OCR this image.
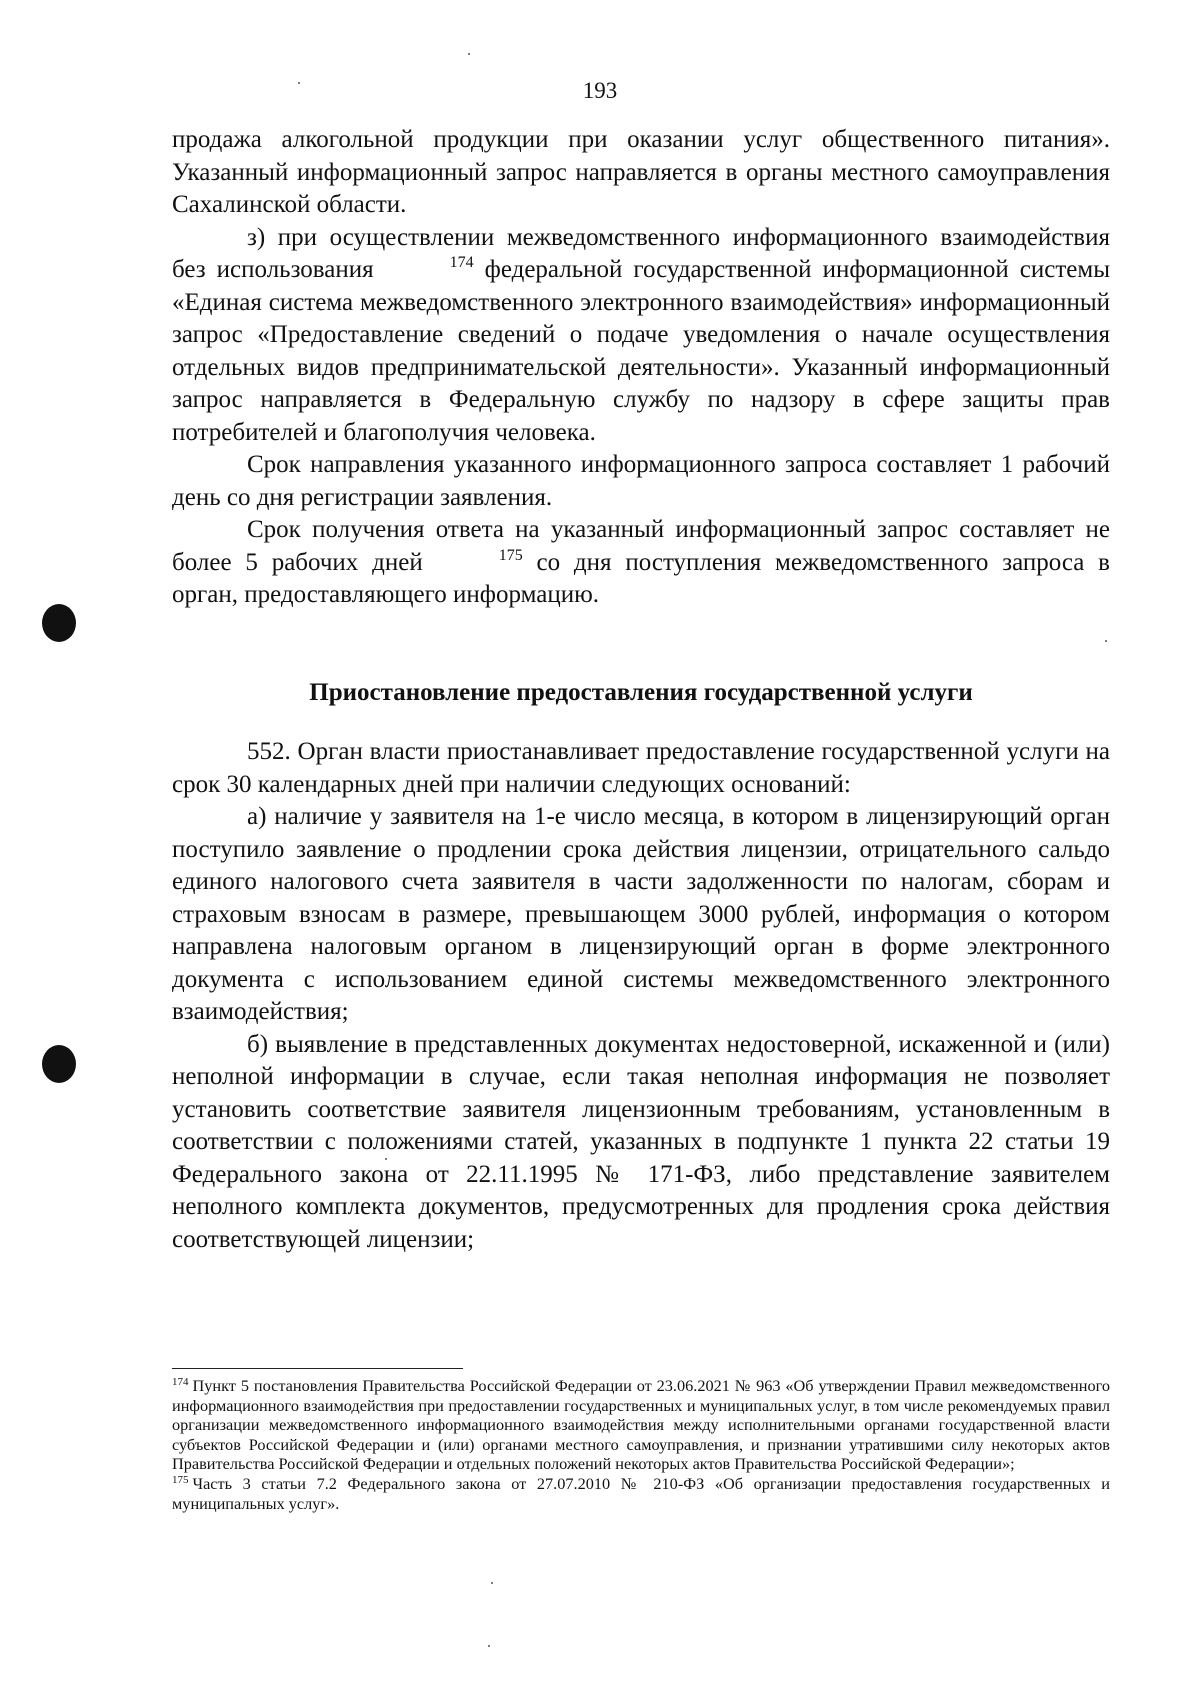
193

продажа алкогольной продукции при оказании услуг общественного питания». Указанный информационный запрос направляется в органы местного самоуправления Сахалинской области.

з) при осуществлении межведомственного информационного взаимодействия без использования	174 федеральной государственной информационной системы «Единая система межведомственного электронного взаимодействия» информационный запрос «Предоставление сведений о подаче уведомления о начале осуществления отдельных видов предпринимательской деятельности». Указанный информационный запрос направляется в Федеральную службу по надзору в сфере защиты прав потребителей и благополучия человека.

Срок направления указанного информационного запроса составляет 1 рабочий день со дня регистрации заявления.

Срок получения ответа на указанный информационный запрос составляет не более 5 рабочих дней	175 со дня поступления межведомственного запроса в орган, предоставляющего информацию.

Приостановление предоставления государственной услуги

552. Орган власти приостанавливает предоставление государственной услуги на срок 30 календарных дней при наличии следующих оснований:

а) наличие у заявителя на 1-е число месяца, в котором в лицензирующий орган поступило заявление о продлении срока действия лицензии, отрицательного сальдо единого налогового счета заявителя в части задолженности по налогам, сборам и страховым взносам в размере, превышающем 3000 рублей, информация о котором направлена налоговым органом в лицензирующий орган в форме электронного документа с использованием единой системы межведомственного электронного взаимодействия;

б) выявление в представленных документах недостоверной, искаженной и (или) неполной информации в случае, если такая неполная информация не позволяет установить соответствие заявителя лицензионным требованиям, установленным в соответствии с положениями статей, указанных в подпункте 1 пункта 22 статьи 19 Федерального закона от 22.11.1995 № 171-ФЗ, либо представление заявителем неполного комплекта документов, предусмотренных для продления срока действия соответствующей лицензии;

174 Пункт 5 постановления Правительства Российской Федерации от 23.06.2021 № 963 «Об утверждении Правил межведомственного информационного взаимодействия при предоставлении государственных и муниципальных услуг, в том числе рекомендуемых правил организации межведомственного информационного взаимодействия между исполнительными органами государственной власти субъектов Российской Федерации и (или) органами местного самоуправления, и признании утратившими силу некоторых актов Правительства Российской Федерации и отдельных положений некоторых актов Правительства Российской Федерации»;

175 Часть 3 статьи 7.2 Федерального закона от 27.07.2010 № 210-ФЗ «Об организации предоставления государственных и муниципальных услуг».
